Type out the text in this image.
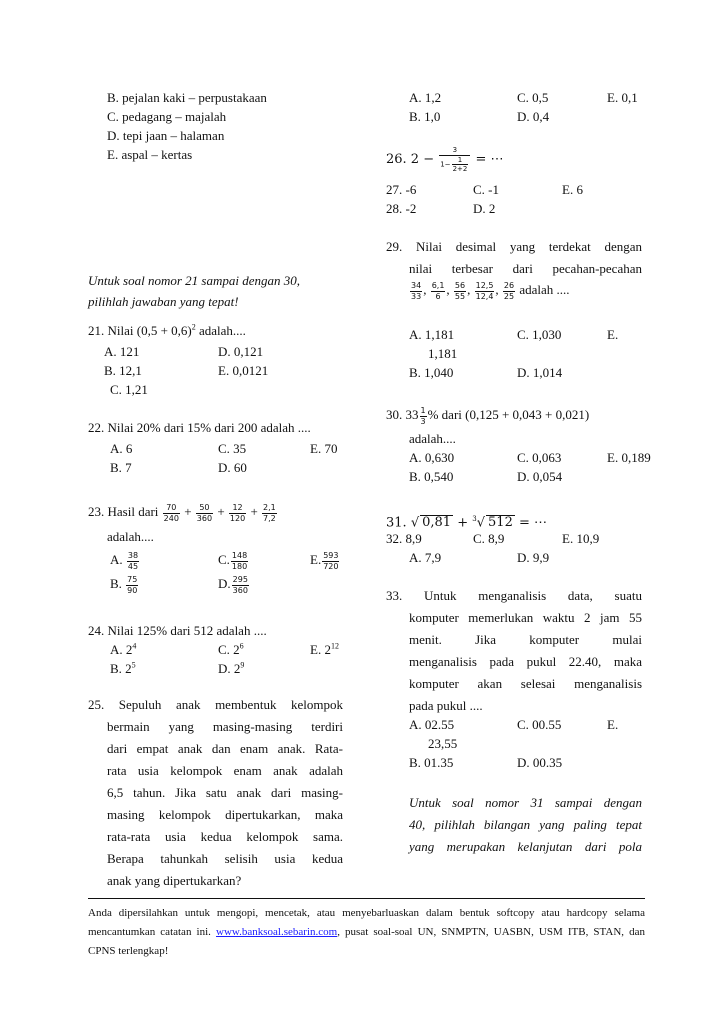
B. pejalan kaki – perpustakaan
C. pedagang – majalah
D. tepi jaan – halaman
E. aspal – kertas
Untuk soal nomor 21 sampai dengan 30,
pilihlah jawaban yang tepat!
21. Nilai $(0,5 + 0,6)^2$ adalah....
A. 121	D. 0,121
B. 12,1	E. 0,0121
C. 1,21
22. Nilai 20% dari 15% dari 200 adalah ....
A. 6	C. 35	E. 70
B. 7	D. 60
23. Hasil dari $\frac{70}{240} + \frac{50}{360} + \frac{12}{120} + \frac{2,1}{7,2}$
adalah....
A. $\frac{38}{45}$	C. $\frac{148}{180}$	E. $\frac{593}{720}$
B. $\frac{75}{90}$	D. $\frac{295}{360}$
24. Nilai 125% dari 512 adalah ....
A. $2^4$	C. $2^6$	E. $2^{12}$
B. $2^5$	D. $2^9$
25. Sepuluh anak membentuk kelompok
bermain yang masing-masing terdiri
dari empat anak dan enam anak. Rata-
rata usia kelompok enam anak adalah
6,5 tahun. Jika satu anak dari masing-
masing kelompok dipertukarkan, maka
rata-rata usia kedua kelompok sama.
Berapa tahunkah selisih usia kedua
anak yang dipertukarkan?
A. 1,2	C. 0,5	E. 0,1
B. 1,0	D. 0,4
26. $2 - \frac{3}{1- \frac{1}{2+2}}$ = ⋯
27. -6	C. -1	E. 6
28. -2	D. 2
29. Nilai desimal yang terdekat dengan
nilai terbesar dari pecahan-pecahan
$\frac{34}{33}$ , $\frac{6,1}{6}$ , $\frac{56}{55}$ , $\frac{12,5}{12,4}$ , $\frac{26}{25}$ adalah ....
A. 1,181	C. 1,030	E.
1,181
B. 1,040	D. 1,014
30. $33 \frac{1}{3}$ % dari (0,125 + 0,043 + 0,021)
adalah....
A. 0,630	C. 0,063	E. 0,189
B. 0,540	D. 0,054
31. √ 0,81 + $^3$√ 512 = ⋯
32. 8,9	C. 8,9	E. 10,9
A. 7,9	D. 9,9
33. Untuk menganalisis data, suatu
komputer memerlukan waktu 2 jam 55
menit. Jika komputer mulai
menganalisis pada pukul 22.40, maka
komputer akan selesai menganalisis
pada pukul ....
A. 02.55	C. 00.55	E.
23,55
B. 01.35	D. 00.35
Untuk soal nomor 31 sampai dengan
40, pilihlah bilangan yang paling tepat
yang merupakan kelanjutan dari pola
Anda dipersilahkan untuk mengopi, mencetak, atau menyebarluaskan dalam bentuk softcopy atau hardcopy selama mencantumkan catatan ini. www.banksoal.sebarin.com, pusat soal-soal UN, SNMPTN, UASBN, USM ITB, STAN, dan CPNS terlengkap!
